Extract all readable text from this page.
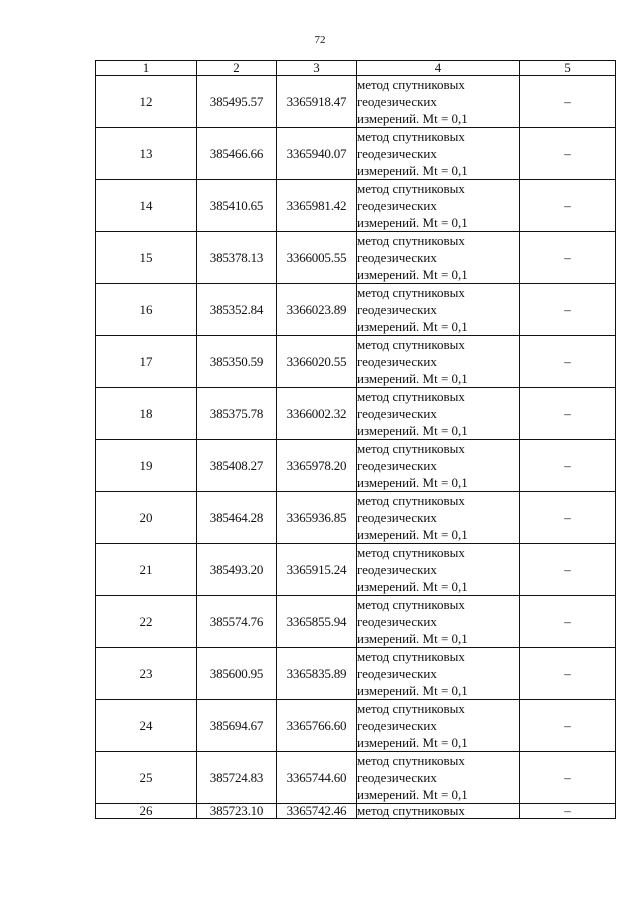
72
1	2	3	4	5
12	385495.57	3365918.47	метод спутниковых
геодезических
измерений. Mt = 0,1	–
13	385466.66	3365940.07	метод спутниковых
геодезических
измерений. Mt = 0,1	–
14	385410.65	3365981.42	метод спутниковых
геодезических
измерений. Mt = 0,1	–
15	385378.13	3366005.55	метод спутниковых
геодезических
измерений. Mt = 0,1	–
16	385352.84	3366023.89	метод спутниковых
геодезических
измерений. Mt = 0,1	–
17	385350.59	3366020.55	метод спутниковых
геодезических
измерений. Mt = 0,1	–
18	385375.78	3366002.32	метод спутниковых
геодезических
измерений. Mt = 0,1	–
19	385408.27	3365978.20	метод спутниковых
геодезических
измерений. Mt = 0,1	–
20	385464.28	3365936.85	метод спутниковых
геодезических
измерений. Mt = 0,1	–
21	385493.20	3365915.24	метод спутниковых
геодезических
измерений. Mt = 0,1	–
22	385574.76	3365855.94	метод спутниковых
геодезических
измерений. Mt = 0,1	–
23	385600.95	3365835.89	метод спутниковых
геодезических
измерений. Mt = 0,1	–
24	385694.67	3365766.60	метод спутниковых
геодезических
измерений. Mt = 0,1	–
25	385724.83	3365744.60	метод спутниковых
геодезических
измерений. Mt = 0,1	–
26	385723.10	3365742.46	метод спутниковых	–
